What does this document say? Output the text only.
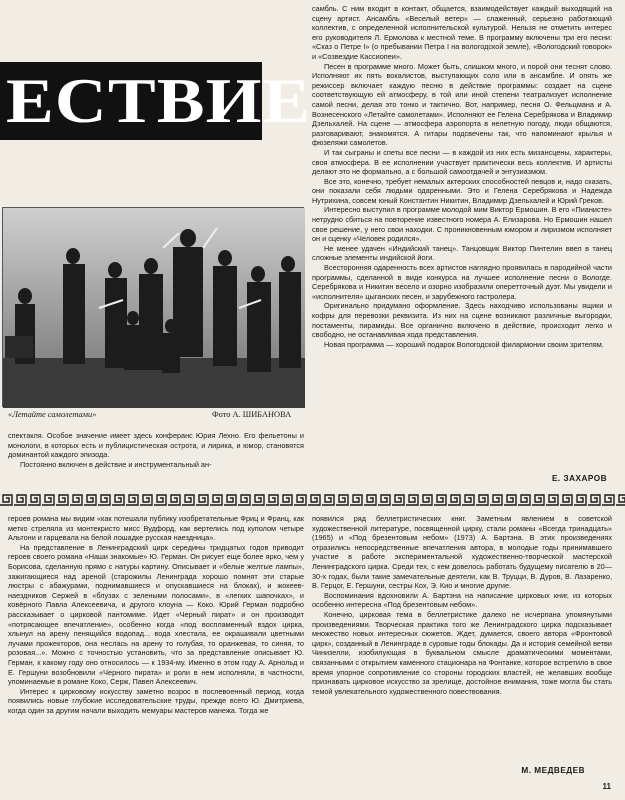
ЕСТВИЕ
«Летайте самолетами»	Фото А. ШИБАНОВА

спектакля. Особое значение имеет здесь конферанс Юрия Лехно. Его фельетоны и монологи, в которых есть и публицистическая острота, и лирика, и юмор, становятся доминантой каждого эпизода.

Постоянно включен в действие и инструментальный ан-

самбль. С ним входит в контакт, общается, взаимодействует каждый выходящий на сцену артист. Ансамбль «Веселый ветер» — слаженный, серьезно работающий коллектив, с определенной исполнительской культурой. Нельзя не отметить интерес его руководителя Л. Ермолова к местной теме. В программу включены три его песни: «Сказ о Петре I» (о пребывании Петра I на вологодской земле), «Вологодский говорок» и «Созвездие Кассиопеи».

Песен в программе много. Может быть, слишком много, и порой они теснят слово. Исполняют их пять вокалистов, выступающих соло или в ансамбле. И опять же режиссер включает каждую песню в действие программы: создает на сцене соответствующую ей атмосферу, в той или иной степени театрализует исполнение самой песни, делая это тонко и тактично. Вот, например, песня О. Фельцмана и А. Вознесенского «Летайте самолетами». Исполняют ее Гелена Серебрякова и Владимир Дзельхалей. На сцене — атмосфера аэропорта в нелетную погоду, люди общаются, разговаривают, знакомятся. А гитары подсвечены так, что напоминают крылья и фюзеляжи самолетов.

И так сыграны и спеты все песни — в каждой из них есть мизансцены, характеры, своя атмосфера. В ее исполнении участвует практически весь коллектив. И артисты делают это не формально, а с большой самоотдачей и энтузиазмом.

Все это, конечно, требует немалых актерских способностей певцов и, надо сказать, они показали себя людьми одаренными. Это и Гелена Серебрякова и Надежда Нутрихина, совсем юный Константин Никитин, Владимир Дзельхалей и Юрий Греков.

Интересно выступил в программе молодой мим Виктор Ермошин. В его «Пианисте» нетрудно сбиться на повторение известного номера А. Елизарова. Но Ермошин нашел свое решение, у него свои находки. С проникновенным юмором и лиризмом исполняет он и сценку «Человек родился».

Не менее удачен «Индийский танец». Танцовщик Виктор Пинтелин ввел в танец сложные элементы индийской йоги.

Всесторонняя одаренность всех артистов наглядно проявилась в пародийной части программы, сделанной в виде конкурса на лучшее исполнение песни о Вологде. Серебрякова и Никитин весело и озорно изобразили оперетточный дуэт. Мы увидели и «исполнителя» цыганских песен, и зарубежного гастролера.

Оригинально придумано оформление. Здесь находчиво использованы ящики и кофры для перевозки реквизита. Из них на сцене возникают различные выгородки, постаменты, пирамиды. Все органично включено в действие, происходит легко и свободно, не останавливая хода представления.

Новая программа — хороший подарок Вологодской филармонии своим зрителям.

Е. ЗАХАРОВ

героев романа мы видим «как потешали публику изобретательные Фриц и Франц, как метко стреляла из монтекристо мисс Вудфорд, как вертелись под куполом четыре Альтони и гарцевала на белой лошадке русская наездница».

На представление в Ленинградский цирк середины тридцатых годов приводит героев своего романа «Наши знакомые» Ю. Герман. Он рисует еще более ярко, чем у Борисова, сделанную прямо с натуры картину. Описывает и «белые желтые лампы», зажигающиеся над ареной (старожилы Ленинграда хорошо помнят эти старые люстры с абажурами, поднимавшиеся и опускавшиеся на блоках), и жокеев-наездников Сержей в «блузах с зелеными полосами», в «легких шапочках», и ковёрного Павла Алексеевича, и другого клоуна — Коко. Юрий Герман подробно рассказывает о цирковой пантомиме. Идет «Черный пират» и он производит «потрясающее впечатление», особенно когда «под воспламенный вздох цирка, хлынул на арену пенящийся водопад... вода хлестала, ее окрашивали цветными лучами прожекторов, она неслась на арену то голубая, то оранжевая, то синяя, то розовая...». Можно с точностью установить, что за представление описывает Ю. Герман, к какому году оно относилось — к 1934-му. Именно в этом году А. Арнольд и Е. Гершуни возобновили «Черного пирата» и роли в нем исполняли, в частности, упоминаемые в романе Коко, Серж, Павел Алексеевич.

Интерес к цирковому искусству заметно возрос в послевоенный период, когда появились новые глубокие исследовательские труды, прежде всего Ю. Дмитриева, когда один за другим начали выходить мемуары мастеров манежа. Тогда же

появился ряд беллетристических книг. Заметным явлением в советской художественной литературе, посвященной цирку, стали романы «Всегда тринадцать» (1965) и «Под брезентовым небом» (1973) А. Бартэна. В этих произведениях отразились непосредственные впечатления автора, в молодые годы принимавшего участие в работе экспериментальной художественно-творческой мастерской Ленинградского цирка. Среди тех, с кем довелось работать будущему писателю в 20—30-х годах, были такие замечательные деятели, как В. Труцци, В. Дуров, В. Лазаренко, В. Герцог, Е. Гершуни, сестры Кох, Э. Кио и многие другие.

Воспоминания вдохновили А. Бартэна на написание цирковых книг, из которых особенно интересна «Под брезентовым небом».

Конечно, цирковая тема в беллетристике далеко не исчерпана упомянутыми произведениями. Творческая практика того же Ленинградского цирка подсказывает множество новых интересных сюжетов. Ждет, думается, своего автора «Фронтовой цирк», созданный в Ленинграде в суровые годы блокады. Да и история семейной ветви Чинизелли, изобилующая в буквальном смысле драматическими моментами, связанными с открытием каменного стационара на Фонтанке, которое встретило в свое время упорное сопротивление со стороны городских властей, не желавших вообще признавать цирковое искусство за зрелище, достойное внимания, тоже могла бы стать темой увлекательного художественного повествования.

М. МЕДВЕДЕВ
11
